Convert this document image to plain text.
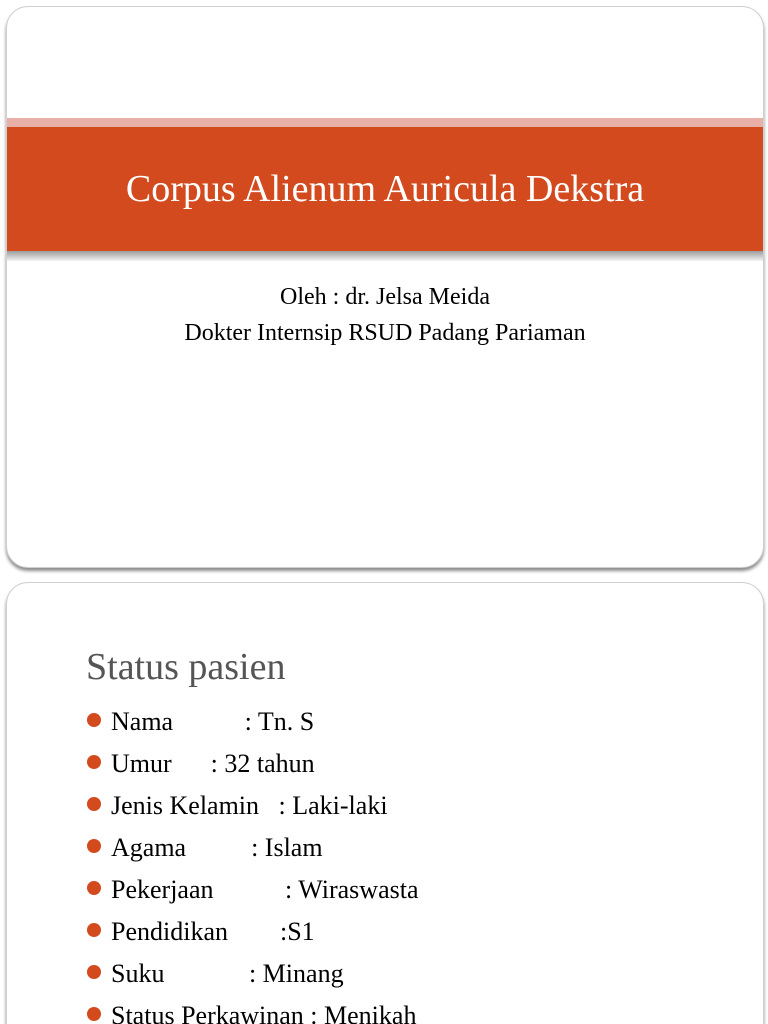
Corpus Alienum Auricula Dekstra
Oleh : dr. Jelsa Meida
Dokter Internsip RSUD Padang Pariaman
Status pasien
Nama           : Tn. S
Umur      : 32 tahun
Jenis Kelamin   : Laki-laki
Agama          : Islam
Pekerjaan           : Wiraswasta
Pendidikan        :S1
Suku             : Minang
Status Perkawinan : Menikah
